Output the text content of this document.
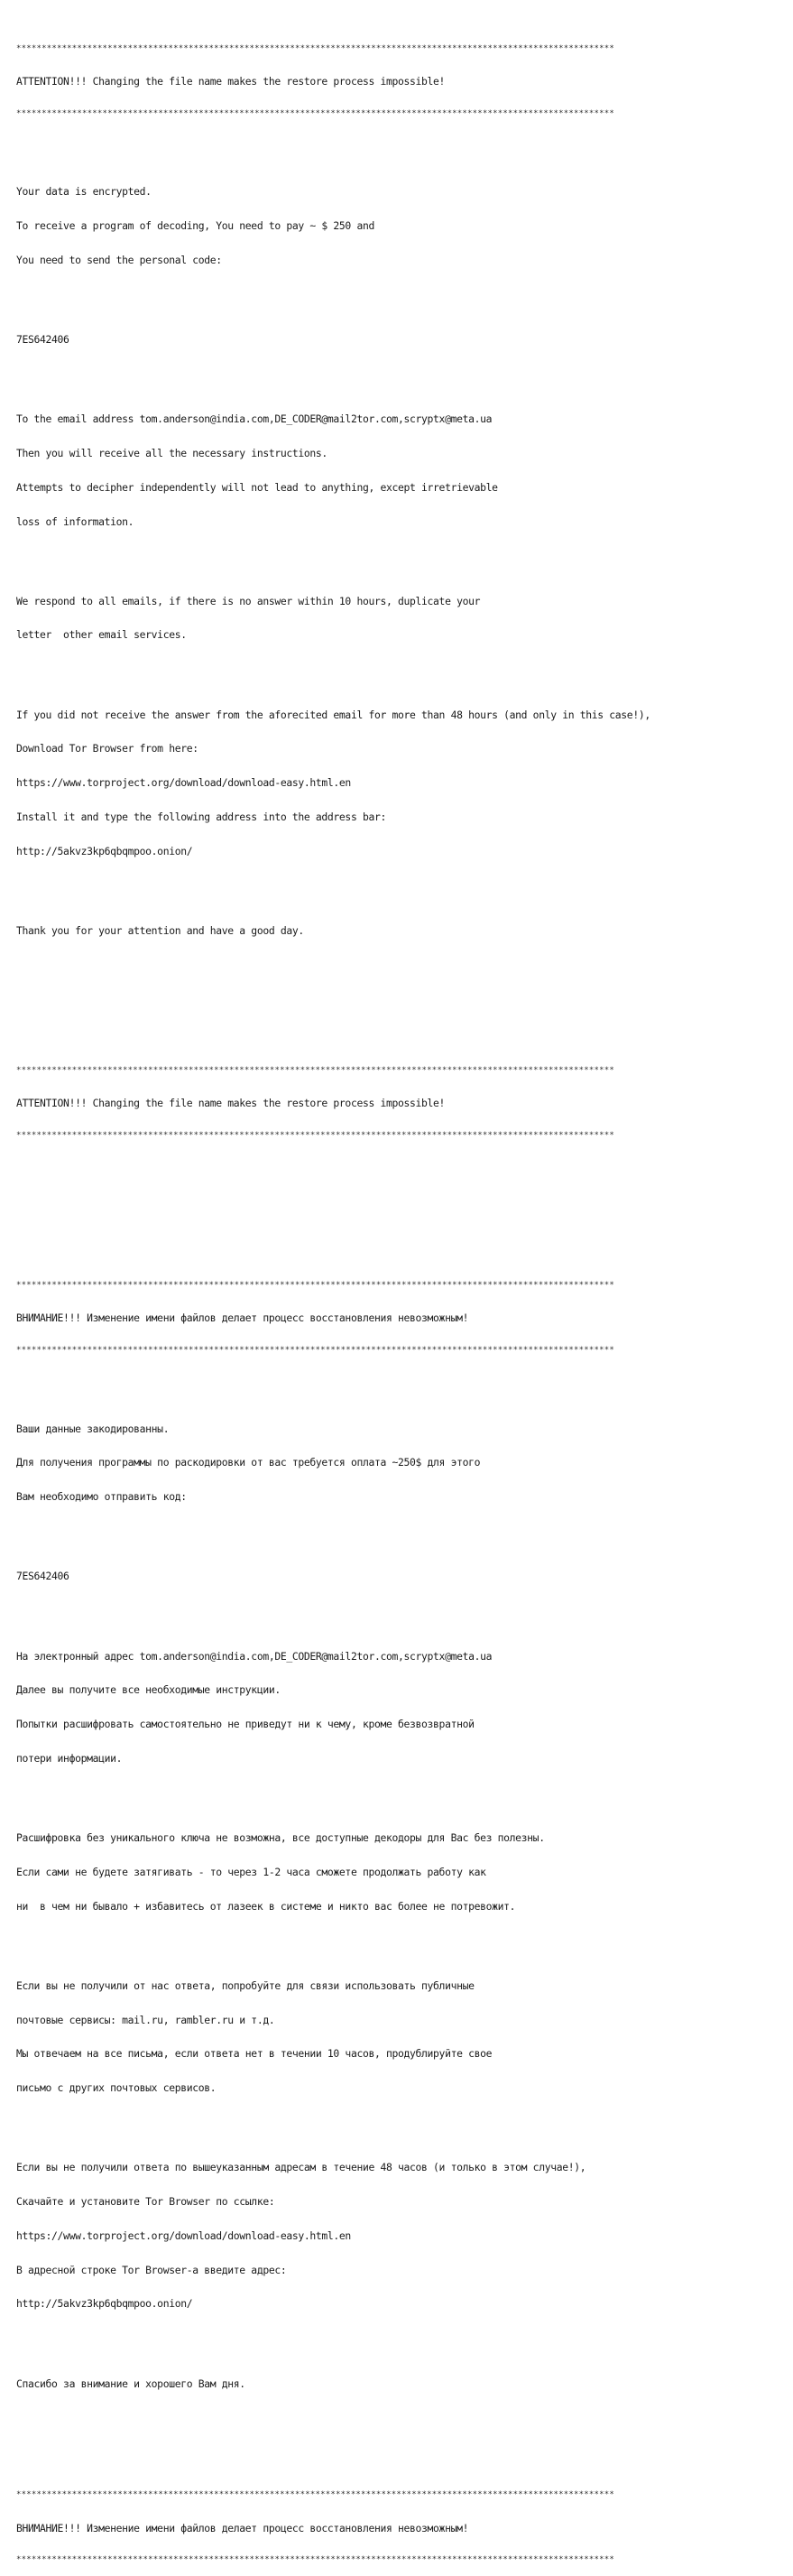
**********************************************************************************************************************

ATTENTION!!! Changing the file name makes the restore process impossible!

**********************************************************************************************************************

Your data is encrypted.

To receive a program of decoding, You need to pay ~ $ 250 and

You need to send the personal code:

7ES642406

To the email address tom.anderson@india.com,DE_CODER@mail2tor.com,scryptx@meta.ua

Then you will receive all the necessary instructions.

Attempts to decipher independently will not lead to anything, except irretrievable

loss of information.

We respond to all emails, if there is no answer within 10 hours, duplicate your

letter  other email services.

If you did not receive the answer from the aforecited email for more than 48 hours (and only in this case!),

Download Tor Browser from here:

https://www.torproject.org/download/download-easy.html.en

Install it and type the following address into the address bar:

http://5akvz3kp6qbqmpoo.onion/

Thank you for your attention and have a good day.

**********************************************************************************************************************

ATTENTION!!! Changing the file name makes the restore process impossible!

**********************************************************************************************************************

**********************************************************************************************************************

ВНИМАНИЕ!!! Изменение имени файлов делает процесс восстановления невозможным!

**********************************************************************************************************************

Ваши данные закодированны.

Для получения программы по раскодировки от вас требуется оплата ~250$ для этого

Вам необходимо отправить код:

7ES642406

На электронный адрес tom.anderson@india.com,DE_CODER@mail2tor.com,scryptx@meta.ua

Далее вы получите все необходимые инструкции.

Попытки расшифровать самостоятельно не приведут ни к чему, кроме безвозвратной

потери информации.

Расшифровка без уникального ключа не возможна, все доступные декодоры для Вас без полезны.

Если сами не будете затягивать - то через 1-2 часа сможете продолжать работу как

ни  в чем ни бывало + избавитесь от лазеек в системе и никто вас более не потревожит.

Если вы не получили от нас ответа, попробуйте для связи использовать публичные

почтовые сервисы: mail.ru, rambler.ru и т.д.

Мы отвечаем на все письма, если ответа нет в течении 10 часов, продублируйте свое

письмо с других почтовых сервисов.

Если вы не получили ответа по вышеуказанным адресам в течение 48 часов (и только в этом случае!),

Скачайте и установите Tor Browser по ссылке:

https://www.torproject.org/download/download-easy.html.en

В адресной строке Tor Browser-а введите адрес:

http://5akvz3kp6qbqmpoo.onion/

Спасибо за внимание и хорошего Вам дня.

**********************************************************************************************************************

ВНИМАНИЕ!!! Изменение имени файлов делает процесс восстановления невозможным!

**********************************************************************************************************************
